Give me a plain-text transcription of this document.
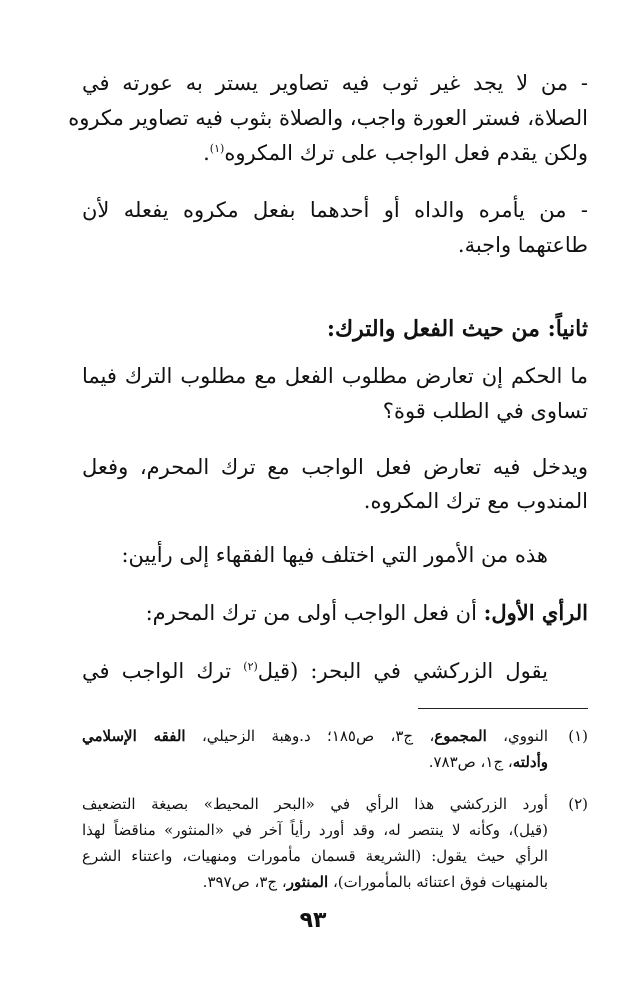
- من لا يجد غير ثوب فيه تصاوير يستر به عورته في
الصلاة، فستر العورة واجب، والصلاة بثوب فيه تصاوير مكروه
ولكن يقدم فعل الواجب على ترك المكروه$^{(١)}$.
- من يأمره والداه أو أحدهما بفعل مكروه يفعله لأن
طاعتهما واجبة.
ثانياً: من حيث الفعل والترك:
ما الحكم إن تعارض مطلوب الفعل مع مطلوب الترك فيما
تساوى في الطلب قوة؟
ويدخل فيه تعارض فعل الواجب مع ترك المحرم، وفعل
المندوب مع ترك المكروه.
هذه من الأمور التي اختلف فيها الفقهاء إلى رأيين:
الرأي الأول: أن فعل الواجب أولى من ترك المحرم:
يقول الزركشي في البحر: (قيل$^{(٢)}$ ترك الواجب في
(١)
النووي، المجموع، ج٣، ص١٨٥؛ د.وهبة الزحيلي، الفقه الإسلامي
وأدلته، ج١، ص٧٨٣.
(٢)
أورد الزركشي هذا الرأي في «البحر المحيط» بصيغة التضعيف
(قيل)، وكأنه لا ينتصر له، وقد أورد رأياً آخر في «المنثور» مناقضاً لهذا
الرأي حيث يقول: (الشريعة قسمان مأمورات ومنهيات، واعتناء الشرع
بالمنهيات فوق اعتنائه بالمأمورات)، المنثور، ج٣، ص٣٩٧.
٩٣
